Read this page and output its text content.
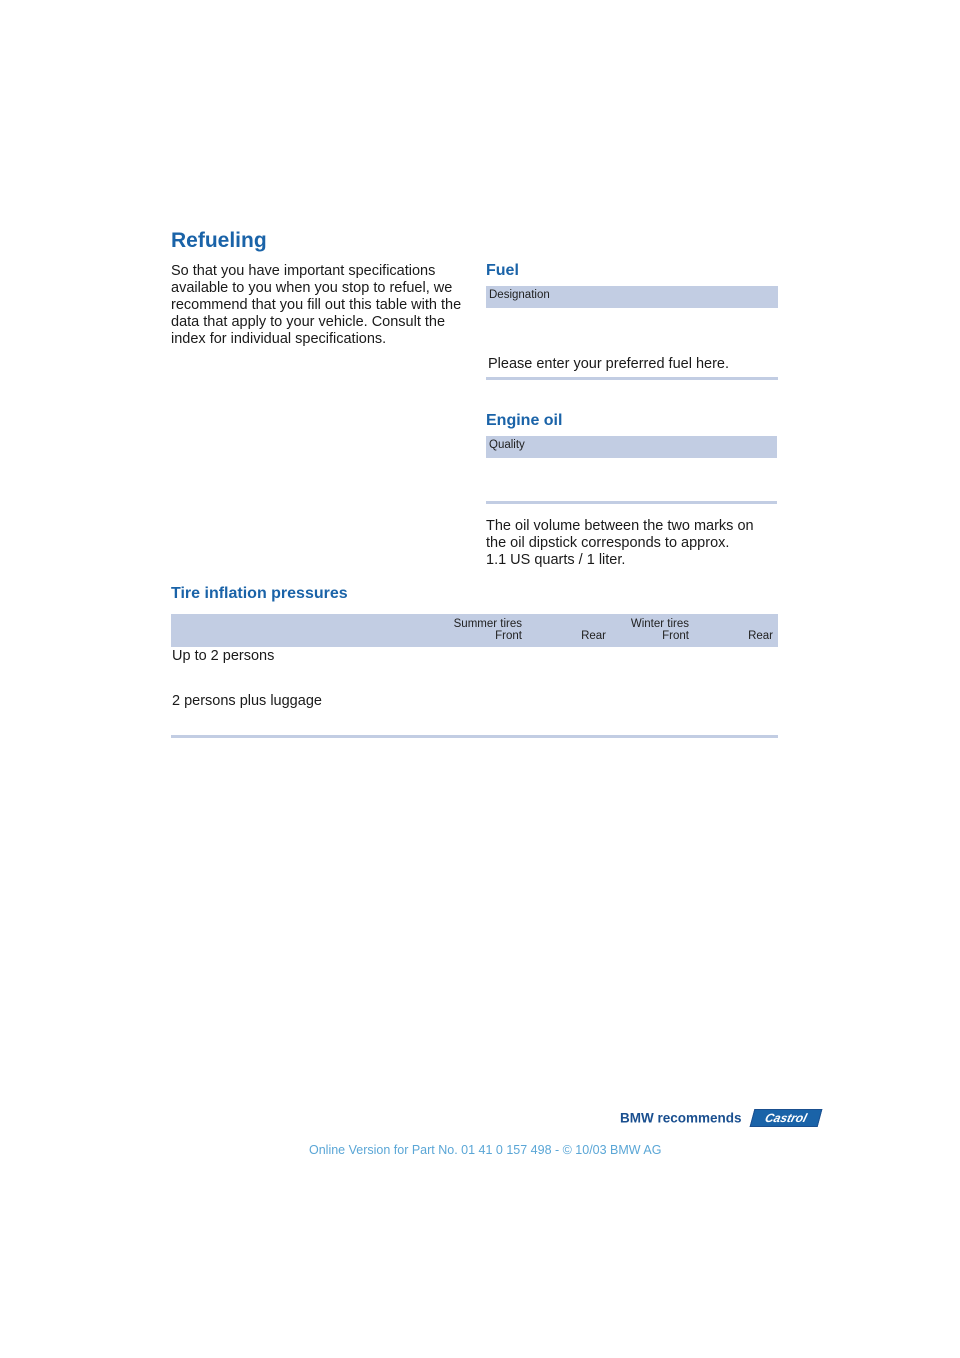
Refueling
So that you have important specifications available to you when you stop to refuel, we recommend that you fill out this table with the data that apply to your vehicle. Consult the index for individual specifications.
Fuel
Designation
Please enter your preferred fuel here.
Engine oil
Quality
The oil volume between the two marks on
the oil dipstick corresponds to approx.
1.1 US quarts / 1 liter.
Tire inflation pressures
Summer tires	Winter tires
Front	Rear	Front	Rear
Up to 2 persons
2 persons plus luggage
BMW recommends Castrol
Online Version for Part No. 01 41 0 157 498 - © 10/03 BMW AG
